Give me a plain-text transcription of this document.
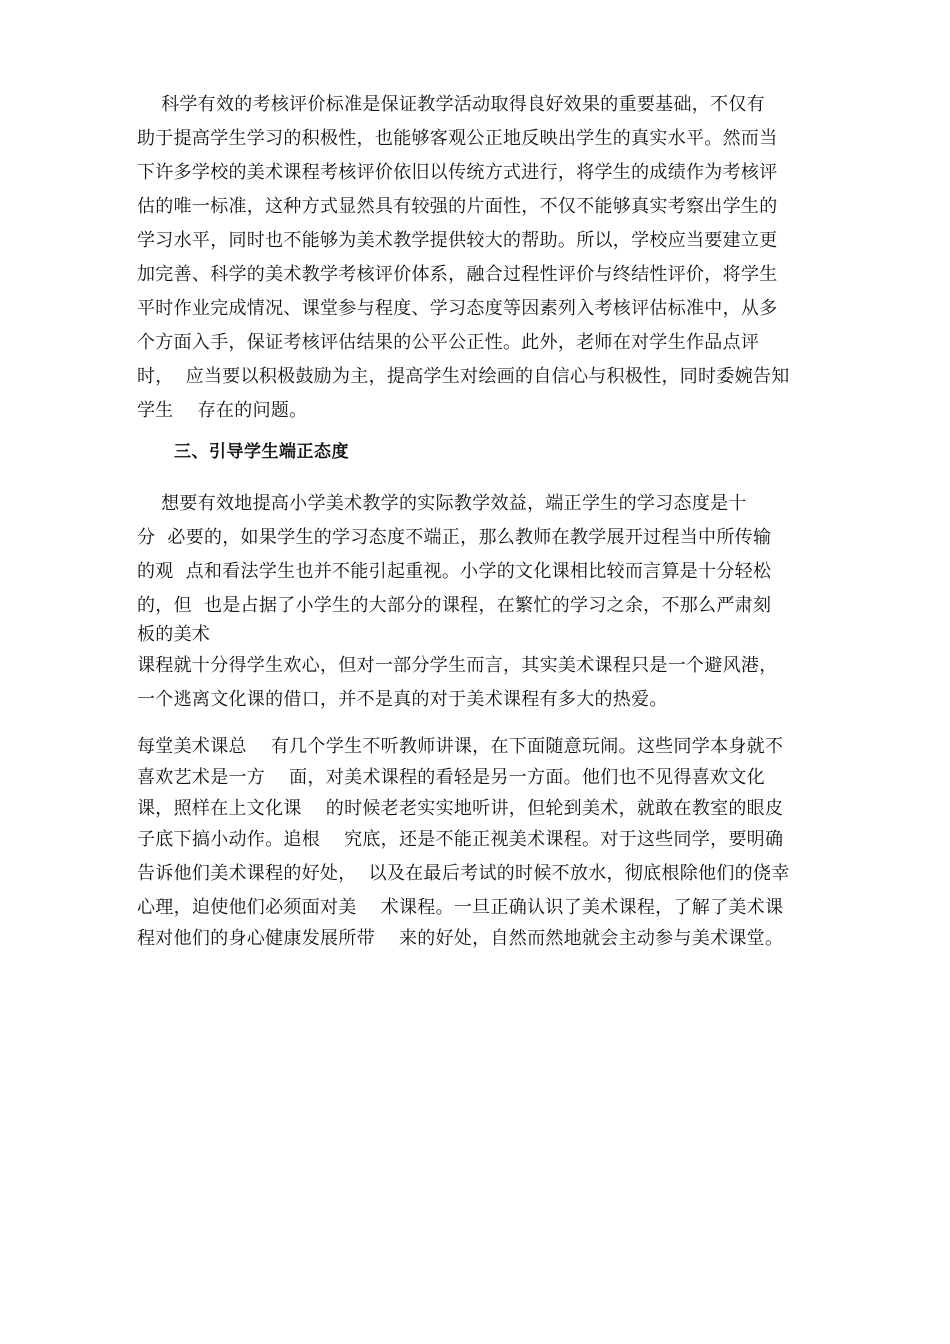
科学有效的考核评价标准是保证教学活动取得良好效果的重要基础，不仅有
助于提高学生学习的积极性，也能够客观公正地反映出学生的真实水平。然而当
下许多学校的美术课程考核评价依旧以传统方式进行，将学生的成绩作为考核评
估的唯一标准，这种方式显然具有较强的片面性，不仅不能够真实考察出学生的
学习水平，同时也不能够为美术教学提供较大的帮助。所以，学校应当要建立更
加完善、科学的美术教学考核评价体系，融合过程性评价与终结性评价，将学生
平时作业完成情况、课堂参与程度、学习态度等因素列入考核评估标准中，从多
个方面入手，保证考核评估结果的公平公正性。此外，老师在对学生作品点评
时，  应当要以积极鼓励为主，提高学生对绘画的自信心与积极性，同时委婉告知
学生    存在的问题。
三、引导学生端正态度
想要有效地提高小学美术教学的实际教学效益，端正学生的学习态度是十
分  必要的，如果学生的学习态度不端正，那么教师在教学展开过程当中所传输
的观  点和看法学生也并不能引起重视。小学的文化课相比较而言算是十分轻松
的，但  也是占据了小学生的大部分的课程，在繁忙的学习之余，不那么严肃刻
板的美术
课程就十分得学生欢心，但对一部分学生而言，其实美术课程只是一个避风港，
一个逃离文化课的借口，并不是真的对于美术课程有多大的热爱。
每堂美术课总    有几个学生不听教师讲课，在下面随意玩闹。这些同学本身就不
喜欢艺术是一方    面，对美术课程的看轻是另一方面。他们也不见得喜欢文化
课，照样在上文化课    的时候老老实实地听讲，但轮到美术，就敢在教室的眼皮
子底下搞小动作。追根    究底，还是不能正视美术课程。对于这些同学，要明确
告诉他们美术课程的好处，  以及在最后考试的时候不放水，彻底根除他们的侥幸
心理，迫使他们必须面对美    术课程。一旦正确认识了美术课程，了解了美术课
程对他们的身心健康发展所带    来的好处，自然而然地就会主动参与美术课堂。
